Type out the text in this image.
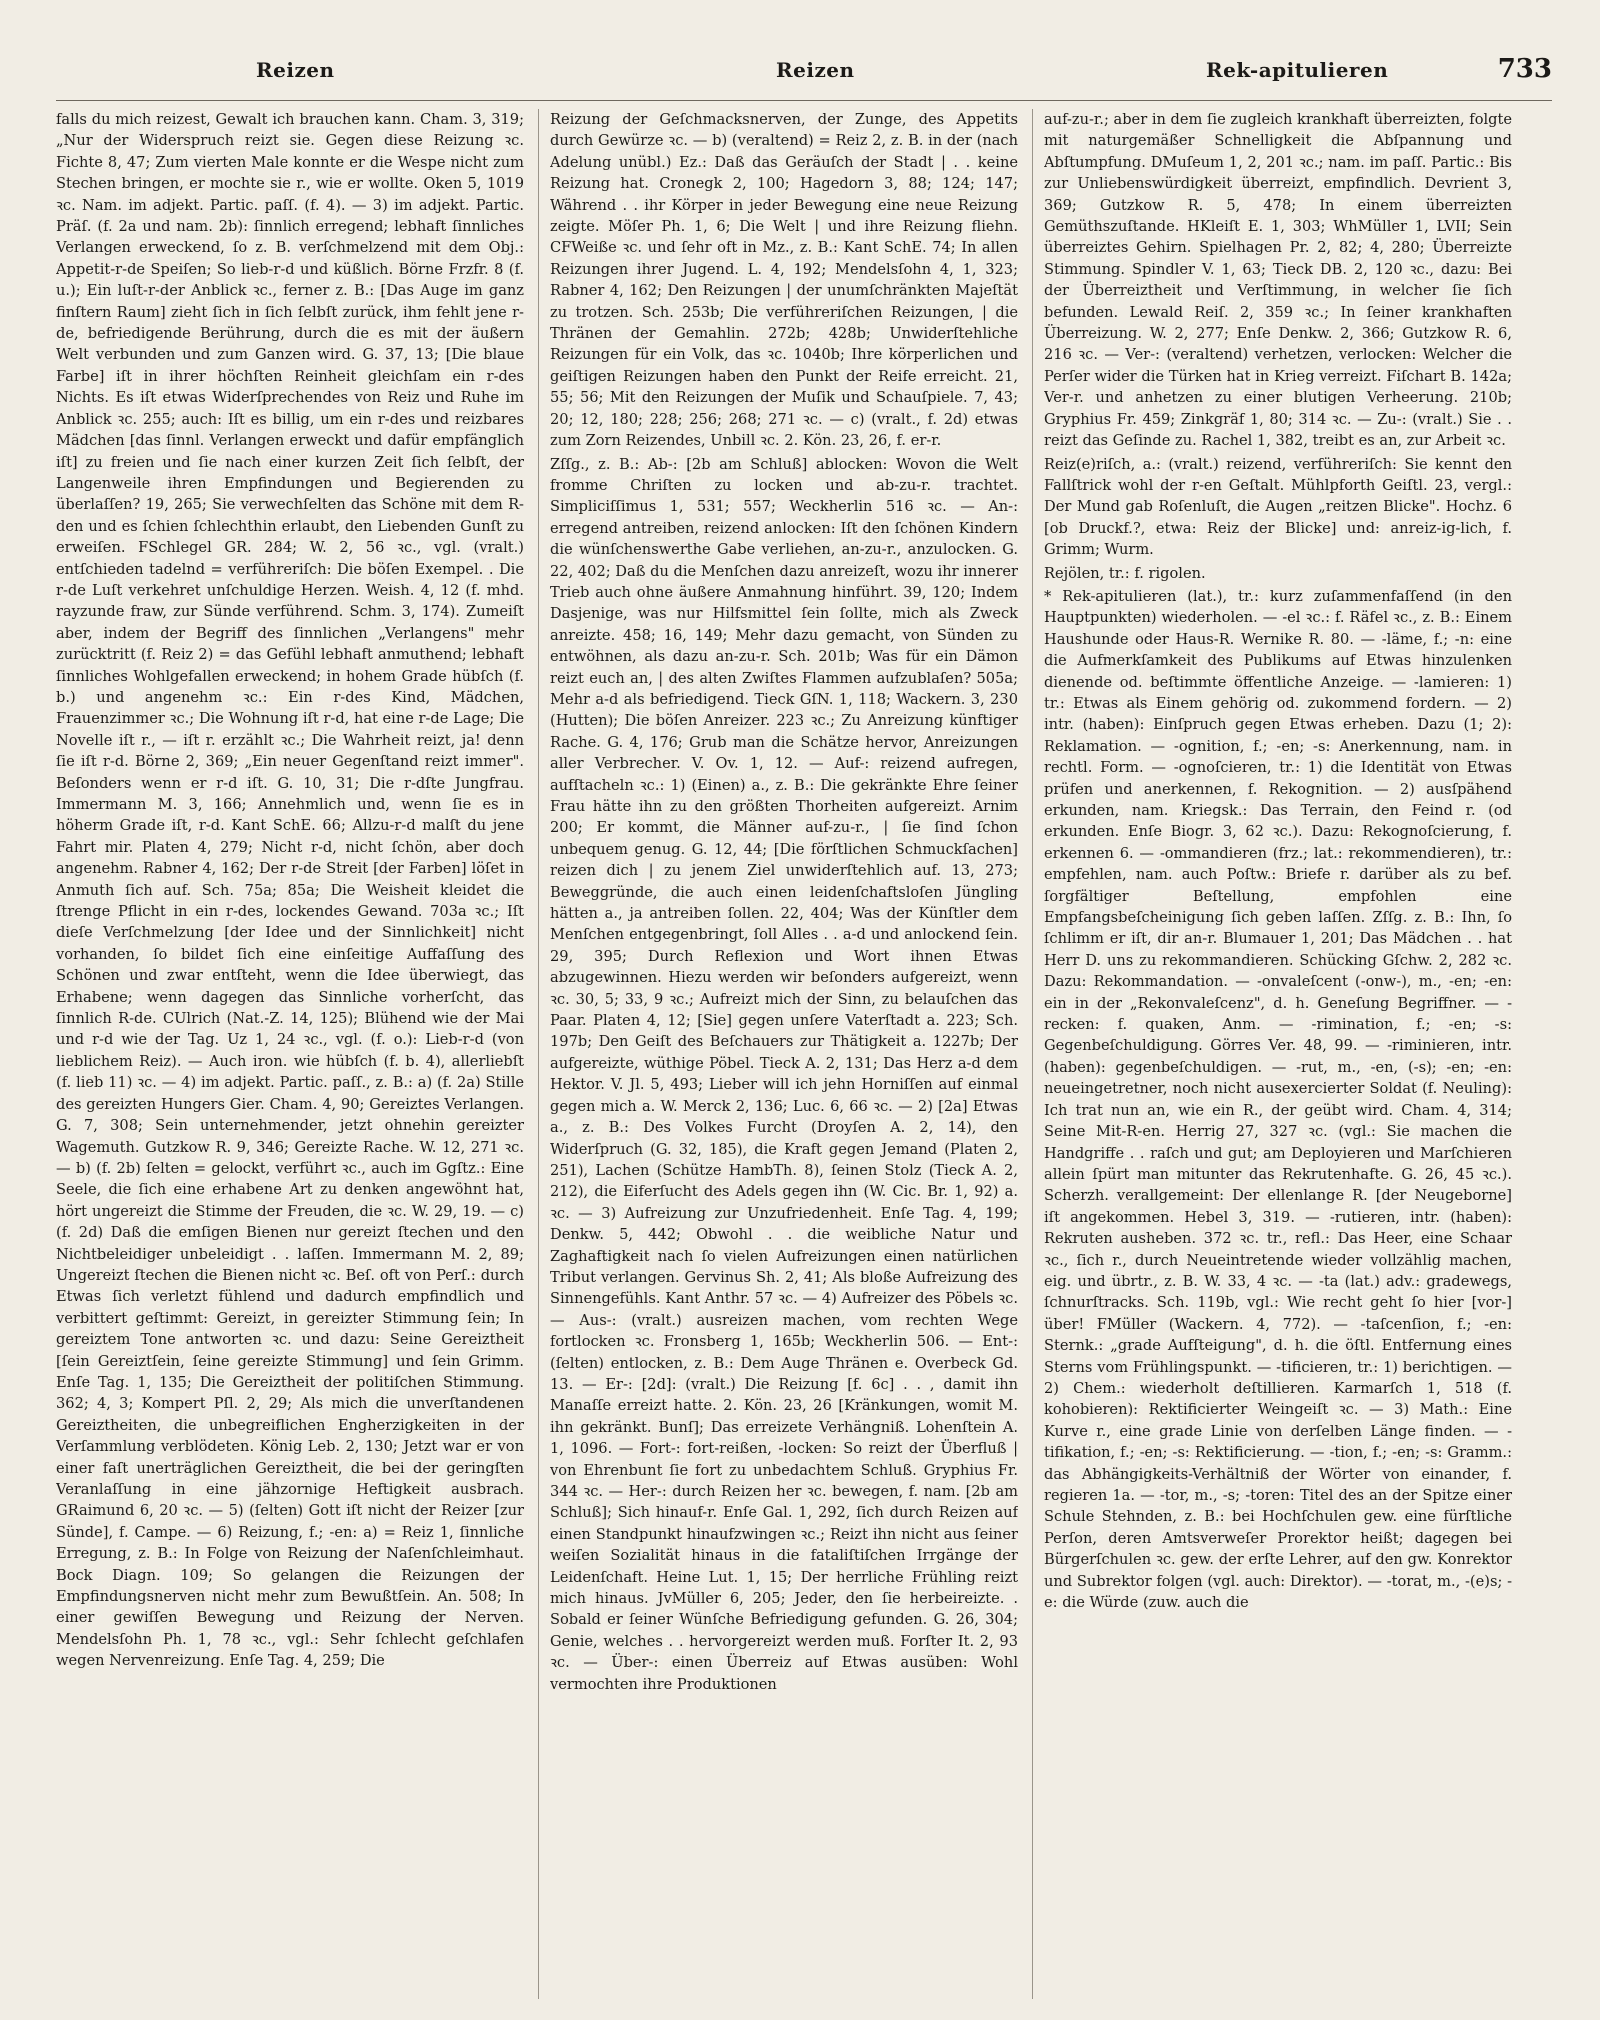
Reizen	Reizen	Rek-apitulieren	733

falls du mich reizest, Gewalt ich brauchen kann. Cham. 3, 319; „Nur der Widerspruch reizt sie. Gegen diese Reizung ꝛc. Fichte 8, 47; Zum vierten Male konnte er die Wespe nicht zum Stechen bringen, er mochte sie r., wie er wollte. Oken 5, 1019 ꝛc. Nam. im adjekt. Partic. paſſ. (f. 4). — 3) im adjekt. Partic. Präſ. (f. 2a und nam. 2b): ſinnlich erregend; lebhaft ſinnliches Verlangen erweckend, ſo z. B. verſchmelzend mit dem Obj.: Appetit-r-de Speiſen; So lieb-r-d und küßlich. Börne Frzfr. 8 (f. u.); Ein luſt-r-der Anblick ꝛc., ferner z. B.: [Das Auge im ganz finſtern Raum] zieht ſich in ſich ſelbſt zurück, ihm fehlt jene r-de, befriedigende Berührung, durch die es mit der äußern Welt verbunden und zum Ganzen wird. G. 37, 13; [Die blaue Farbe] iſt in ihrer höchſten Reinheit gleichſam ein r-des Nichts. Es iſt etwas Widerſprechendes von Reiz und Ruhe im Anblick ꝛc. 255; auch: Iſt es billig, um ein r-des und reizbares Mädchen [das ſinnl. Verlangen erweckt und dafür empfänglich iſt] zu freien und ſie nach einer kurzen Zeit ſich ſelbſt, der Langenweile ihren Empfindungen und Begierenden zu überlaſſen? 19, 265; Sie verwechſelten das Schöne mit dem R-den und es ſchien ſchlechthin erlaubt, den Liebenden Gunſt zu erweiſen. FSchlegel GR. 284; W. 2, 56 ꝛc., vgl. (vralt.) entſchieden tadelnd = verführeriſch: Die böſen Exempel. . Die r-de Luſt verkehret unſchuldige Herzen. Weish. 4, 12 (f. mhd. rayzunde fraw, zur Sünde verführend. Schm. 3, 174). Zumeiſt aber, indem der Begriff des ſinnlichen „Verlangens" mehr zurücktritt (f. Reiz 2) = das Gefühl lebhaft anmuthend; lebhaft ſinnliches Wohlgefallen erweckend; in hohem Grade hübſch (f. b.) und angenehm ꝛc.: Ein r-des Kind, Mädchen, Frauenzimmer ꝛc.; Die Wohnung iſt r-d, hat eine r-de Lage; Die Novelle iſt r., — iſt r. erzählt ꝛc.; Die Wahrheit reizt, ja! denn ſie iſt r-d. Börne 2, 369; „Ein neuer Gegenſtand reizt immer". Beſonders wenn er r-d iſt. G. 10, 31; Die r-dſte Jungfrau. Immermann M. 3, 166; Annehmlich und, wenn ſie es in höherm Grade iſt, r-d. Kant SchE. 66; Allzu-r-d malſt du jene Fahrt mir. Platen 4, 279; Nicht r-d, nicht ſchön, aber doch angenehm. Rabner 4, 162; Der r-de Streit [der Farben] löſet in Anmuth ſich auf. Sch. 75a; 85a; Die Weisheit kleidet die ſtrenge Pflicht in ein r-des, lockendes Gewand. 703a ꝛc.; Iſt dieſe Verſchmelzung [der Idee und der Sinnlichkeit] nicht vorhanden, ſo bildet ſich eine einſeitige Auffaſſung des Schönen und zwar entſteht, wenn die Idee überwiegt, das Erhabene; wenn dagegen das Sinnliche vorherſcht, das ſinnlich R-de. CUlrich (Nat.-Z. 14, 125); Blühend wie der Mai und r-d wie der Tag. Uz 1, 24 ꝛc., vgl. (f. o.): Lieb-r-d (von lieblichem Reiz). — Auch iron. wie hübſch (f. b. 4), allerliebſt (f. lieb 11) ꝛc. — 4) im adjekt. Partic. paſſ., z. B.: a) (f. 2a) Stille des gereizten Hungers Gier. Cham. 4, 90; Gereiztes Verlangen. G. 7, 308; Sein unternehmender, jetzt ohnehin gereizter Wagemuth. Gutzkow R. 9, 346; Gereizte Rache. W. 12, 271 ꝛc. — b) (f. 2b) ſelten = gelockt, verführt ꝛc., auch im Ggſtz.: Eine Seele, die ſich eine erhabene Art zu denken angewöhnt hat, hört ungereizt die Stimme der Freuden, die ꝛc. W. 29, 19. — c) (f. 2d) Daß die emſigen Bienen nur gereizt ſtechen und den Nichtbeleidiger unbeleidigt . . laſſen. Immermann M. 2, 89; Ungereizt ſtechen die Bienen nicht ꝛc. Beſ. oft von Perſ.: durch Etwas ſich verletzt fühlend und dadurch empfindlich und verbittert geſtimmt: Gereizt, in gereizter Stimmung ſein; In gereiztem Tone antworten ꝛc. und dazu: Seine Gereiztheit [ſein Gereiztſein, ſeine gereizte Stimmung] und ſein Grimm. Enſe Tag. 1, 135; Die Gereiztheit der politiſchen Stimmung. 362; 4, 3; Kompert Pſl. 2, 29; Als mich die unverſtandenen Gereiztheiten, die unbegreiflichen Engherzigkeiten in der Verſammlung verblödeten. König Leb. 2, 130; Jetzt war er von einer faſt unerträglichen Gereiztheit, die bei der geringſten Veranlaſſung in eine jähzornige Heftigkeit ausbrach. GRaimund 6, 20 ꝛc. — 5) (ſelten) Gott iſt nicht der Reizer [zur Sünde], f. Campe. — 6) Reizung, f.; -en: a) = Reiz 1, ſinnliche Erregung, z. B.: In Folge von Reizung der Naſenſchleimhaut. Bock Diagn. 109; So gelangen die Reizungen der Empfindungsnerven nicht mehr zum Bewußtſein. An. 508; In einer gewiſſen Bewegung und Reizung der Nerven. Mendelsſohn Ph. 1, 78 ꝛc., vgl.: Sehr ſchlecht geſchlafen wegen Nervenreizung. Enſe Tag. 4, 259; Die

Reizung der Geſchmacksnerven, der Zunge, des Appetits durch Gewürze ꝛc. — b) (veraltend) = Reiz 2, z. B. in der (nach Adelung unübl.) Ez.: Daß das Geräuſch der Stadt | . . keine Reizung hat. Cronegk 2, 100; Hagedorn 3, 88; 124; 147; Während . . ihr Körper in jeder Bewegung eine neue Reizung zeigte. Möſer Ph. 1, 6; Die Welt | und ihre Reizung fliehn. CFWeiße ꝛc. und ſehr oft in Mz., z. B.: Kant SchE. 74; In allen Reizungen ihrer Jugend. L. 4, 192; Mendelsſohn 4, 1, 323; Rabner 4, 162; Den Reizungen | der unumſchränkten Majeſtät zu trotzen. Sch. 253b; Die verführeriſchen Reizungen, | die Thränen der Gemahlin. 272b; 428b; Unwiderſtehliche Reizungen für ein Volk, das ꝛc. 1040b; Ihre körperlichen und geiſtigen Reizungen haben den Punkt der Reife erreicht. 21, 55; 56; Mit den Reizungen der Muſik und Schauſpiele. 7, 43; 20; 12, 180; 228; 256; 268; 271 ꝛc. — c) (vralt., f. 2d) etwas zum Zorn Reizendes, Unbill ꝛc. 2. Kön. 23, 26, f. er-r.

Zſſg., z. B.: Ab-: [2b am Schluß] ablocken: Wovon die Welt fromme Chriſten zu locken und ab-zu-r. trachtet. Simpliciſſimus 1, 531; 557; Weckherlin 516 ꝛc. — An-: erregend antreiben, reizend anlocken: Iſt den ſchönen Kindern die wünſchenswerthe Gabe verliehen, an-zu-r., anzulocken. G. 22, 402; Daß du die Menſchen dazu anreizeſt, wozu ihr innerer Trieb auch ohne äußere Anmahnung hinführt. 39, 120; Indem Dasjenige, was nur Hilfsmittel ſein ſollte, mich als Zweck anreizte. 458; 16, 149; Mehr dazu gemacht, von Sünden zu entwöhnen, als dazu an-zu-r. Sch. 201b; Was für ein Dämon reizt euch an, | des alten Zwiſtes Flammen aufzublaſen? 505a; Mehr a-d als befriedigend. Tieck GſN. 1, 118; Wackern. 3, 230 (Hutten); Die böſen Anreizer. 223 ꝛc.; Zu Anreizung künftiger Rache. G. 4, 176; Grub man die Schätze hervor, Anreizungen aller Verbrecher. V. Ov. 1, 12. — Auf-: reizend aufregen, aufſtacheln ꝛc.: 1) (Einen) a., z. B.: Die gekränkte Ehre ſeiner Frau hätte ihn zu den größten Thorheiten aufgereizt. Arnim 200; Er kommt, die Männer auf-zu-r., | ſie ſind ſchon unbequem genug. G. 12, 44; [Die förſtlichen Schmuckſachen] reizen dich | zu jenem Ziel unwiderſtehlich auf. 13, 273; Beweggründe, die auch einen leidenſchaftsloſen Jüngling hätten a., ja antreiben ſollen. 22, 404; Was der Künſtler dem Menſchen entgegenbringt, ſoll Alles . . a-d und anlockend ſein. 29, 395; Durch Reflexion und Wort ihnen Etwas abzugewinnen. Hiezu werden wir beſonders aufgereizt, wenn ꝛc. 30, 5; 33, 9 ꝛc.; Aufreizt mich der Sinn, zu belauſchen das Paar. Platen 4, 12; [Sie] gegen unſere Vaterſtadt a. 223; Sch. 197b; Den Geiſt des Beſchauers zur Thätigkeit a. 1227b; Der aufgereizte, wüthige Pöbel. Tieck A. 2, 131; Das Herz a-d dem Hektor. V. Jl. 5, 493; Lieber will ich jehn Horniſſen auf einmal gegen mich a. W. Merck 2, 136; Luc. 6, 66 ꝛc. — 2) [2a] Etwas a., z. B.: Des Volkes Furcht (Droyſen A. 2, 14), den Widerſpruch (G. 32, 185), die Kraft gegen Jemand (Platen 2, 251), Lachen (Schütze HambTh. 8), ſeinen Stolz (Tieck A. 2, 212), die Eiferſucht des Adels gegen ihn (W. Cic. Br. 1, 92) a. ꝛc. — 3) Aufreizung zur Unzufriedenheit. Enſe Tag. 4, 199; Denkw. 5, 442; Obwohl . . die weibliche Natur und Zaghaftigkeit nach ſo vielen Aufreizungen einen natürlichen Tribut verlangen. Gervinus Sh. 2, 41; Als bloße Aufreizung des Sinnengefühls. Kant Anthr. 57 ꝛc. — 4) Aufreizer des Pöbels ꝛc. — Aus-: (vralt.) ausreizen machen, vom rechten Wege fortlocken ꝛc. Fronsberg 1, 165b; Weckherlin 506. — Ent-: (ſelten) entlocken, z. B.: Dem Auge Thränen e. Overbeck Gd. 13. — Er-: [2d]: (vralt.) Die Reizung [f. 6c] . . , damit ihn Manaſſe erreizt hatte. 2. Kön. 23, 26 [Kränkungen, womit M. ihn gekränkt. Bunſ]; Das erreizete Verhängniß. Lohenſtein A. 1, 1096. — Fort-: fort-reißen, -locken: So reizt der Überfluß | von Ehrenbunt ſie fort zu unbedachtem Schluß. Gryphius Fr. 344 ꝛc. — Her-: durch Reizen her ꝛc. bewegen, f. nam. [2b am Schluß]; Sich hinauf-r. Enſe Gal. 1, 292, ſich durch Reizen auf einen Standpunkt hinaufzwingen ꝛc.; Reizt ihn nicht aus ſeiner weiſen Sozialität hinaus in die fataliſtiſchen Irrgänge der Leidenſchaft. Heine Lut. 1, 15; Der herrliche Frühling reizt mich hinaus. JvMüller 6, 205; Jeder, den ſie herbeireizte. . Sobald er ſeiner Wünſche Befriedigung gefunden. G. 26, 304; Genie, welches . . hervorgereizt werden muß. Forſter It. 2, 93 ꝛc. — Über-: einen Überreiz auf Etwas ausüben: Wohl vermochten ihre Produktionen

auf-zu-r.; aber in dem ſie zugleich krankhaft überreizten, folgte mit naturgemäßer Schnelligkeit die Abſpannung und Abſtumpfung. DMuſeum 1, 2, 201 ꝛc.; nam. im paſſ. Partic.: Bis zur Unliebenswürdigkeit überreizt, empfindlich. Devrient 3, 369; Gutzkow R. 5, 478; In einem überreizten Gemüthszuſtande. HKleiſt E. 1, 303; WhMüller 1, LVII; Sein überreiztes Gehirn. Spielhagen Pr. 2, 82; 4, 280; Überreizte Stimmung. Spindler V. 1, 63; Tieck DB. 2, 120 ꝛc., dazu: Bei der Überreiztheit und Verſtimmung, in welcher ſie ſich befunden. Lewald Reiſ. 2, 359 ꝛc.; In ſeiner krankhaften Überreizung. W. 2, 277; Enſe Denkw. 2, 366; Gutzkow R. 6, 216 ꝛc. — Ver-: (veraltend) verhetzen, verlocken: Welcher die Perſer wider die Türken hat in Krieg verreizt. Fiſchart B. 142a; Ver-r. und anhetzen zu einer blutigen Verheerung. 210b; Gryphius Fr. 459; Zinkgräf 1, 80; 314 ꝛc. — Zu-: (vralt.) Sie . . reizt das Geſinde zu. Rachel 1, 382, treibt es an, zur Arbeit ꝛc.

Reiz(e)riſch, a.: (vralt.) reizend, verführeriſch: Sie kennt den Fallſtrick wohl der r-en Geſtalt. Mühlpforth Geiſtl. 23, vergl.: Der Mund gab Roſenluſt, die Augen „reitzen Blicke". Hochz. 6 [ob Druckf.?, etwa: Reiz der Blicke] und: anreiz-ig-lich, f. Grimm; Wurm.

Rejölen, tr.: f. rigolen.

* Rek-apitulieren (lat.), tr.: kurz zuſammenfaſſend (in den Hauptpunkten) wiederholen. — -el ꝛc.: f. Räfel ꝛc., z. B.: Einem Haushunde oder Haus-R. Wernike R. 80. — -läme, f.; -n: eine die Aufmerkſamkeit des Publikums auf Etwas hinzulenken dienende od. beſtimmte öffentliche Anzeige. — -lamieren: 1) tr.: Etwas als Einem gehörig od. zukommend fordern. — 2) intr. (haben): Einſpruch gegen Etwas erheben. Dazu (1; 2): Reklamation. — -ognition, f.; -en; -s: Anerkennung, nam. in rechtl. Form. — -ognoſcieren, tr.: 1) die Identität von Etwas prüfen und anerkennen, f. Rekognition. — 2) ausſpähend erkunden, nam. Kriegsk.: Das Terrain, den Feind r. (od erkunden. Enſe Biogr. 3, 62 ꝛc.). Dazu: Rekognoſcierung, f. erkennen 6. — -ommandieren (frz.; lat.: rekommendieren), tr.: empfehlen, nam. auch Poſtw.: Briefe r. darüber als zu bef. ſorgfältiger Beſtellung, empfohlen eine Empfangsbeſcheinigung ſich geben laſſen. Zſſg. z. B.: Ihn, ſo ſchlimm er iſt, dir an-r. Blumauer 1, 201; Das Mädchen . . hat Herr D. uns zu rekommandieren. Schücking Gſchw. 2, 282 ꝛc. Dazu: Rekommandation. — -onvaleſcent (-onw-), m., -en; -en: ein in der „Rekonvaleſcenz", d. h. Geneſung Begriffner. — -recken: f. quaken, Anm. — -rimination, f.; -en; -s: Gegenbeſchuldigung. Görres Ver. 48, 99. — -riminieren, intr. (haben): gegenbeſchuldigen. — -rut, m., -en, (-s); -en; -en: neueingetretner, noch nicht ausexercierter Soldat (f. Neuling): Ich trat nun an, wie ein R., der geübt wird. Cham. 4, 314; Seine Mit-R-en. Herrig 27, 327 ꝛc. (vgl.: Sie machen die Handgriffe . . raſch und gut; am Deployieren und Marſchieren allein ſpürt man mitunter das Rekrutenhafte. G. 26, 45 ꝛc.). Scherzh. verallgemeint: Der ellenlange R. [der Neugeborne] iſt angekommen. Hebel 3, 319. — -rutieren, intr. (haben): Rekruten ausheben. 372 ꝛc. tr., refl.: Das Heer, eine Schaar ꝛc., ſich r., durch Neueintretende wieder vollzählig machen, eig. und übrtr., z. B. W. 33, 4 ꝛc. — -ta (lat.) adv.: gradewegs, ſchnurſtracks. Sch. 119b, vgl.: Wie recht geht ſo hier [vor-] über! FMüller (Wackern. 4, 772). — -taſcenſion, f.; -en: Sternk.: „grade Aufſteigung", d. h. die öſtl. Entfernung eines Sterns vom Frühlingspunkt. — -tificieren, tr.: 1) berichtigen. — 2) Chem.: wiederholt deſtillieren. Karmarſch 1, 518 (f. kohobieren): Rektificierter Weingeiſt ꝛc. — 3) Math.: Eine Kurve r., eine grade Linie von derſelben Länge finden. — -tifikation, f.; -en; -s: Rektificierung. — -tion, f.; -en; -s: Gramm.: das Abhängigkeits-Verhältniß der Wörter von einander, f. regieren 1a. — -tor, m., -s; -toren: Titel des an der Spitze einer Schule Stehnden, z. B.: bei Hochſchulen gew. eine fürſtliche Perſon, deren Amtsverweſer Prorektor heißt; dagegen bei Bürgerſchulen ꝛc. gew. der erſte Lehrer, auf den gw. Konrektor und Subrektor folgen (vgl. auch: Direktor). — -torat, m., -(e)s; -e: die Würde (zuw. auch die
